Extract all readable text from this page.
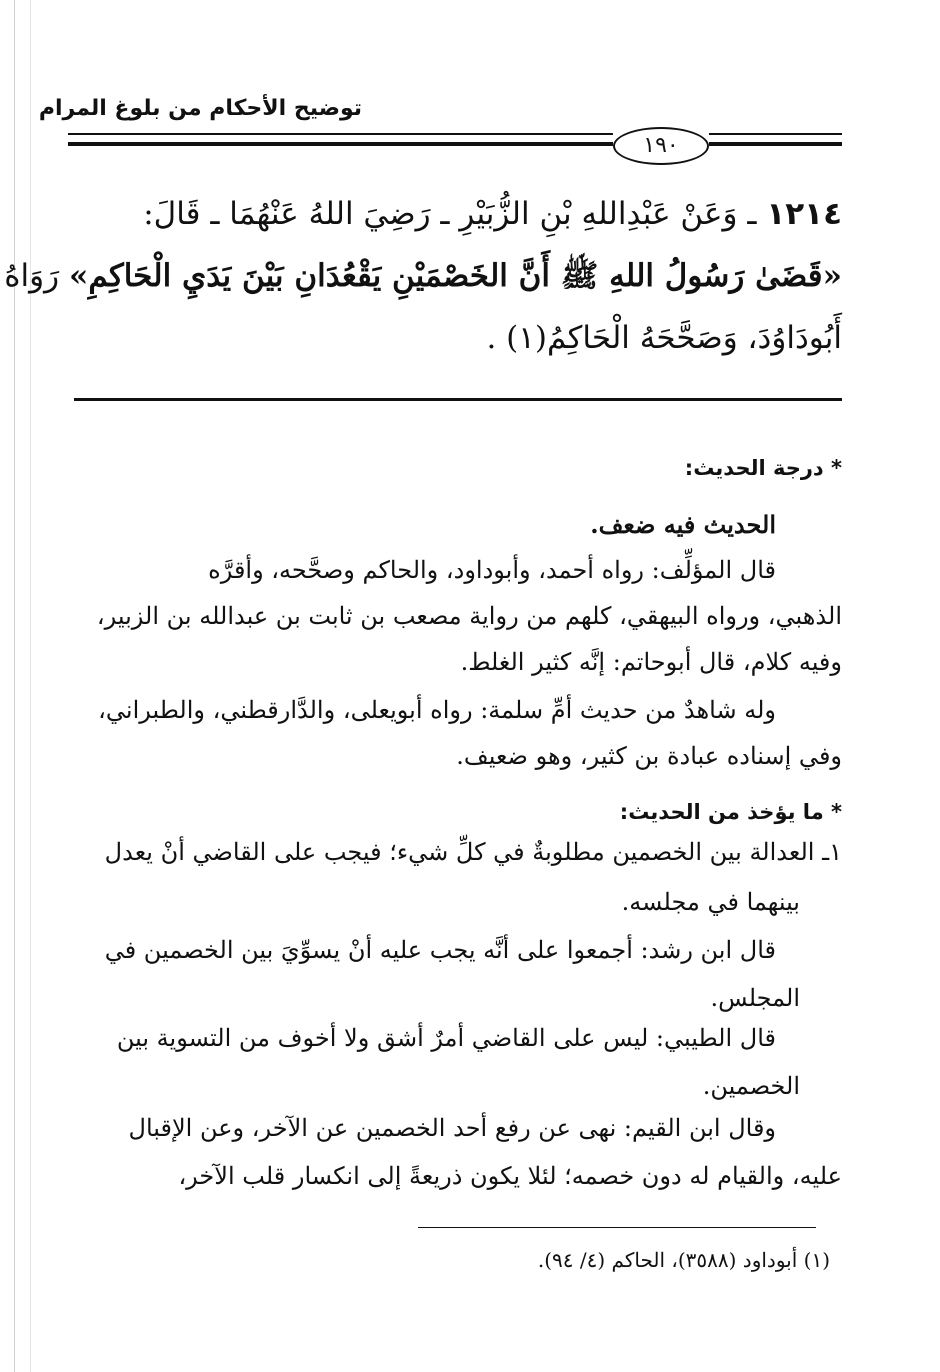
توضيح الأحكام من بلوغ المرام
١٩٠
١٢١٤ ـ وَعَنْ عَبْدِاللهِ بْنِ الزُّبَيْرِ ـ رَضِيَ اللهُ عَنْهُمَا ـ قَالَ:
«قَضَىٰ رَسُولُ اللهِ ﷺ أَنَّ الخَصْمَيْنِ يَقْعُدَانِ بَيْنَ يَدَيِ الْحَاكِمِ» رَوَاهُ
أَبُودَاوُدَ، وَصَحَّحَهُ الْحَاكِمُ(١) .
* درجة الحديث:
الحديث فيه ضعف.
قال المؤلِّف: رواه أحمد، وأبوداود، والحاكم وصحَّحه، وأقرَّه
الذهبي، ورواه البيهقي، كلهم من رواية مصعب بن ثابت بن عبدالله بن الزبير،
وفيه كلام، قال أبوحاتم: إنَّه كثير الغلط.
وله شاهدٌ من حديث أمِّ سلمة: رواه أبويعلى، والدَّارقطني، والطبراني،
وفي إسناده عبادة بن كثير، وهو ضعيف.
* ما يؤخذ من الحديث:
١ـ العدالة بين الخصمين مطلوبةٌ في كلِّ شيء؛ فيجب على القاضي أنْ يعدل
بينهما في مجلسه.
قال ابن رشد: أجمعوا على أنَّه يجب عليه أنْ يسوِّيَ بين الخصمين في
المجلس.
قال الطيبي: ليس على القاضي أمرٌ أشق ولا أخوف من التسوية بين
الخصمين.
وقال ابن القيم: نهى عن رفع أحد الخصمين عن الآخر، وعن الإقبال
عليه، والقيام له دون خصمه؛ لئلا يكون ذريعةً إلى انكسار قلب الآخر،
(١) أبوداود (٣٥٨٨)، الحاكم (٤/ ٩٤).
